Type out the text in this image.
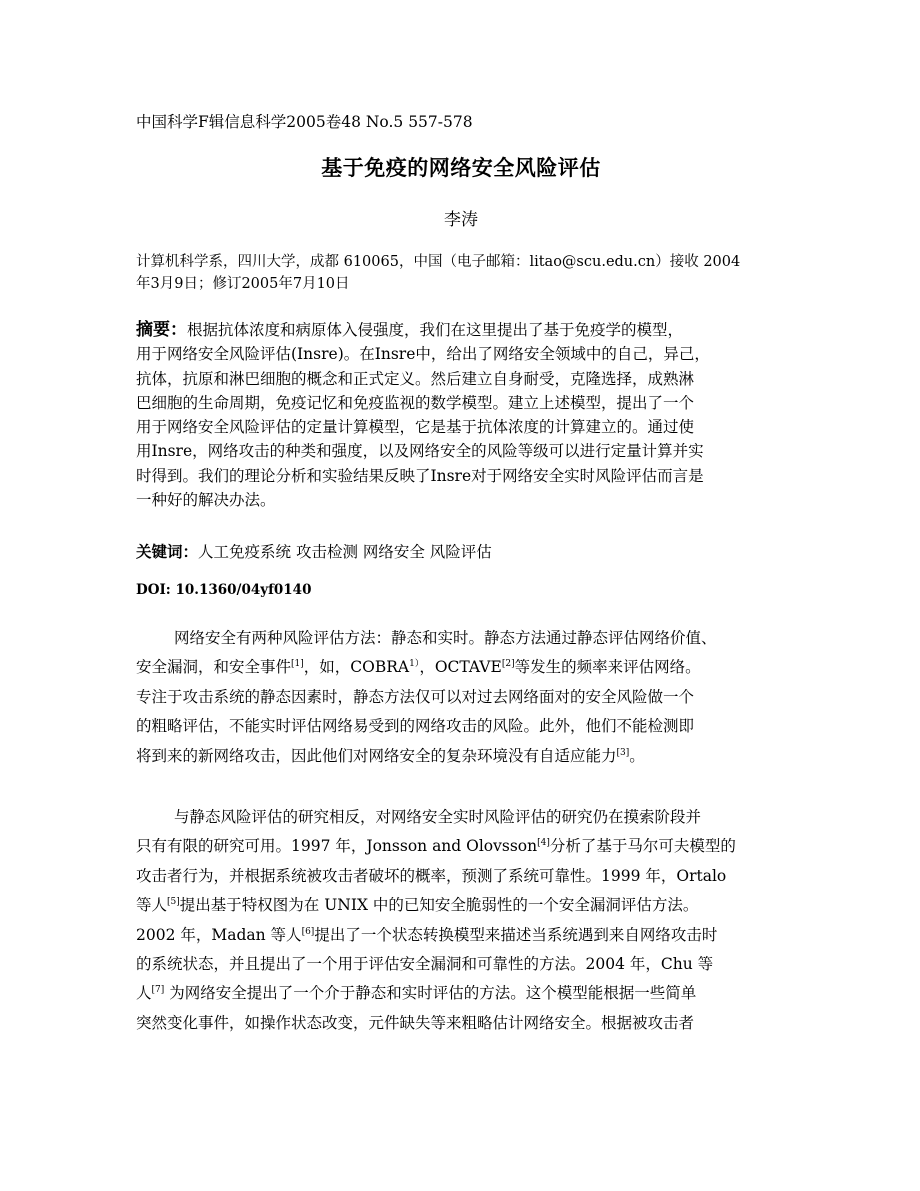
中国科学F辑信息科学2005卷48 No.5 557-578
基于免疫的网络安全风险评估
李涛
计算机科学系，四川大学，成都 610065，中国（电子邮箱：litao@scu.edu.cn）接收 2004
年3月9日；修订2005年7月10日
摘要：根据抗体浓度和病原体入侵强度，我们在这里提出了基于免疫学的模型，
用于网络安全风险评估(Insre)。在Insre中，给出了网络安全领域中的自己，异己，
抗体，抗原和淋巴细胞的概念和正式定义。然后建立自身耐受，克隆选择，成熟淋
巴细胞的生命周期，免疫记忆和免疫监视的数学模型。建立上述模型，提出了一个
用于网络安全风险评估的定量计算模型，它是基于抗体浓度的计算建立的。通过使
用Insre，网络攻击的种类和强度，以及网络安全的风险等级可以进行定量计算并实
时得到。我们的理论分析和实验结果反映了Insre对于网络安全实时风险评估而言是
一种好的解决办法。
关键词：人工免疫系统 攻击检测 网络安全 风险评估
DOI: 10.1360/04yf0140
网络安全有两种风险评估方法：静态和实时。静态方法通过静态评估网络价值、
安全漏洞，和安全事件[1]，如，$COBRA^{1)}$，OCTAVE[2]等发生的频率来评估网络。
专注于攻击系统的静态因素时，静态方法仅可以对过去网络面对的安全风险做一个
的粗略评估，不能实时评估网络易受到的网络攻击的风险。此外，他们不能检测即
将到来的新网络攻击，因此他们对网络安全的复杂环境没有自适应能力[3]。
与静态风险评估的研究相反，对网络安全实时风险评估的研究仍在摸索阶段并
只有有限的研究可用。1997 年，Jonsson and Olovsson[4]分析了基于马尔可夫模型的
攻击者行为，并根据系统被攻击者破坏的概率，预测了系统可靠性。1999 年，Ortalo
等人[5]提出基于特权图为在 UNIX 中的已知安全脆弱性的一个安全漏洞评估方法。
2002 年，Madan 等人[6]提出了一个状态转换模型来描述当系统遇到来自网络攻击时
的系统状态，并且提出了一个用于评估安全漏洞和可靠性的方法。2004 年，Chu 等
人[7] 为网络安全提出了一个介于静态和实时评估的方法。这个模型能根据一些简单
突然变化事件，如操作状态改变，元件缺失等来粗略估计网络安全。根据被攻击者
